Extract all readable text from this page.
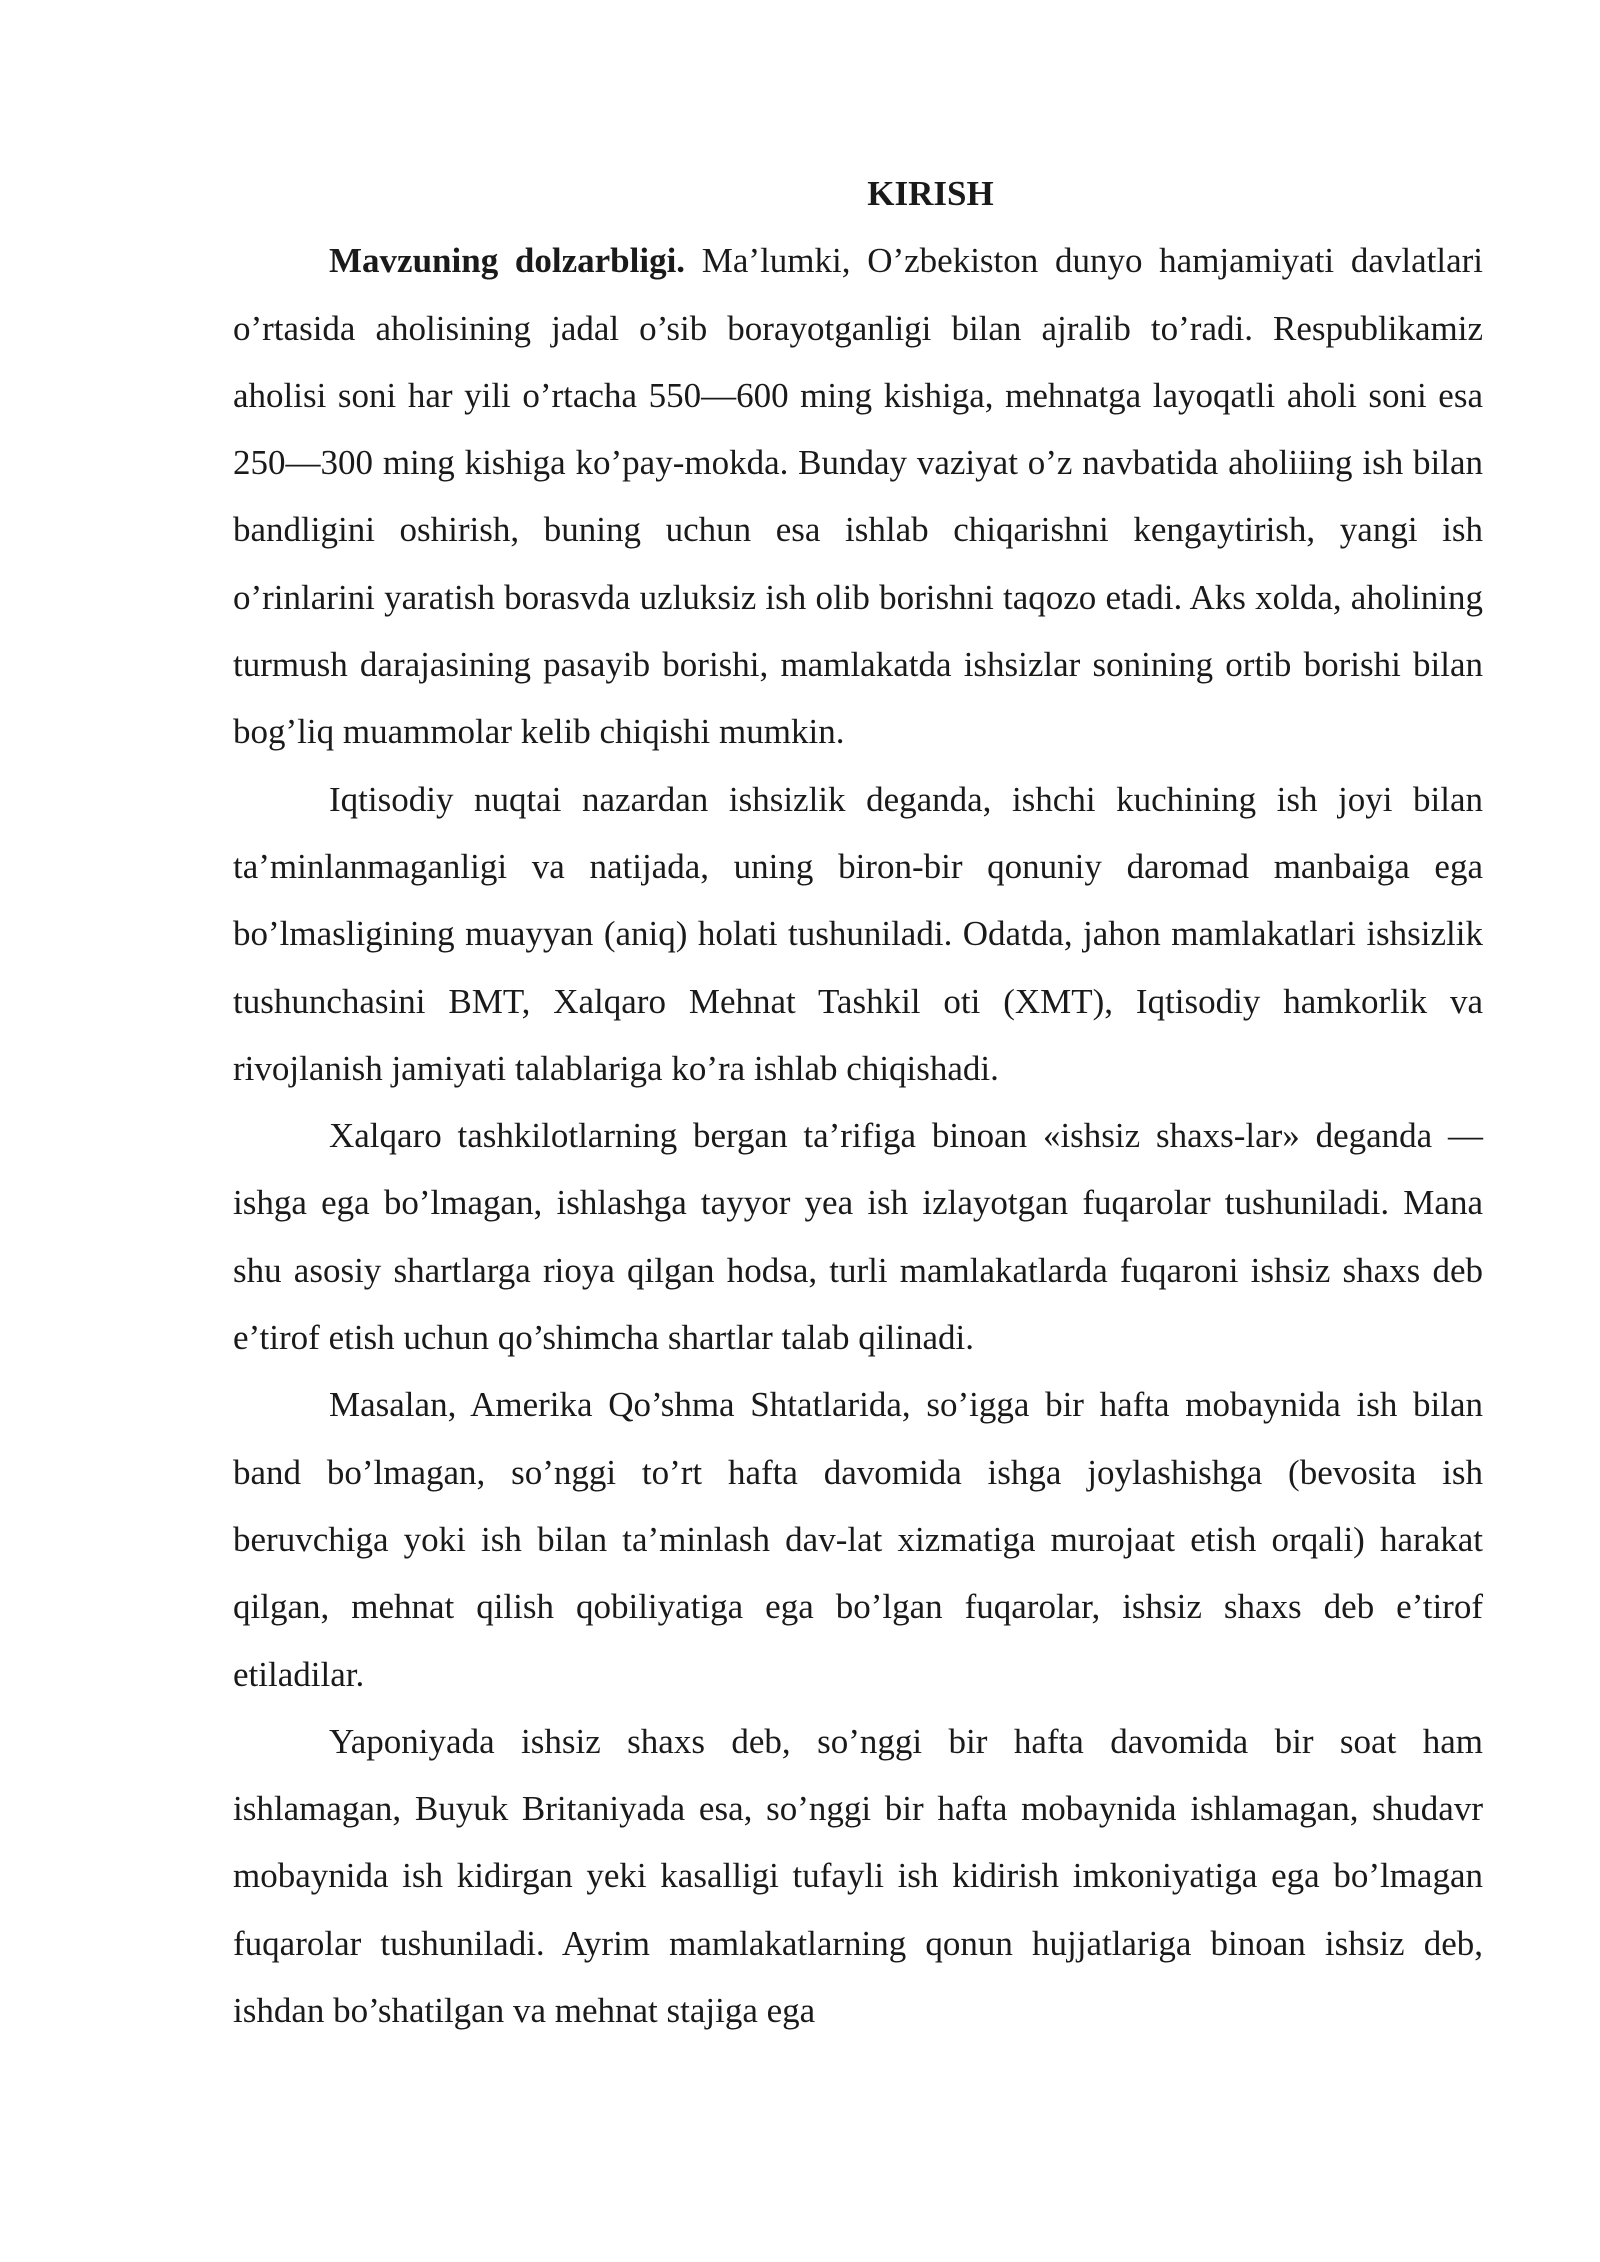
KIRISH

Mavzuning dolzarbligi. Ma’lumki, O’zbekiston dunyo hamjamiyati davlatlari o’rtasida aholisining jadal o’sib borayotganligi bilan ajralib to’radi. Respublikamiz aholisi soni har yili o’rtacha 550—600 ming kishiga, mehnatga layoqatli aholi soni esa 250—300 ming kishiga ko’pay-mokda. Bunday vaziyat o’z navbatida aholiiing ish bilan bandligini oshirish, buning uchun esa ishlab chiqarishni kengaytirish, yangi ish o’rinlarini yaratish borasvda uzluksiz ish olib borishni taqozo etadi. Aks xolda, aholining turmush darajasining pasayib borishi, mamlakatda ishsizlar sonining ortib borishi bilan bog’liq muammolar kelib chiqishi mumkin.

Iqtisodiy nuqtai nazardan ishsizlik deganda, ishchi kuchining ish joyi bilan ta’minlanmaganligi va natijada, uning biron-bir qonuniy daromad manbaiga ega bo’lmasligining muayyan (aniq) holati tushuniladi. Odatda, jahon mamlakatlari ishsizlik tushunchasini BMT, Xalqaro Mehnat Tashkil oti (XMT), Iqtisodiy hamkorlik va rivojlanish jamiyati talablariga ko’ra ishlab chiqishadi.

Xalqaro tashkilotlarning bergan ta’rifiga binoan «ishsiz shaxs-lar» deganda — ishga ega bo’lmagan, ishlashga tayyor yea ish izlayotgan fuqarolar tushuniladi. Mana shu asosiy shartlarga rioya qilgan hodsa, turli mamlakatlarda fuqaroni ishsiz shaxs deb e’tirof etish uchun qo’shimcha shartlar talab qilinadi.

Masalan, Amerika Qo’shma Shtatlarida, so’igga bir hafta mobaynida ish bilan band bo’lmagan, so’nggi to’rt hafta davomida ishga joylashishga (bevosita ish beruvchiga yoki ish bilan ta’minlash dav-lat xizmatiga murojaat etish orqali) harakat qilgan, mehnat qilish qobiliyatiga ega bo’lgan fuqarolar, ishsiz shaxs deb e’tirof etiladilar.

Yaponiyada ishsiz shaxs deb, so’nggi bir hafta davomida bir soat ham ishlamagan, Buyuk Britaniyada esa, so’nggi bir hafta mobaynida ishlamagan, shudavr mobaynida ish kidirgan yeki kasalligi tufayli ish kidirish imkoniyatiga ega bo’lmagan fuqarolar tushuniladi. Ayrim mamlakatlarning qonun hujjatlariga binoan ishsiz deb, ishdan bo’shatilgan va mehnat stajiga ega
